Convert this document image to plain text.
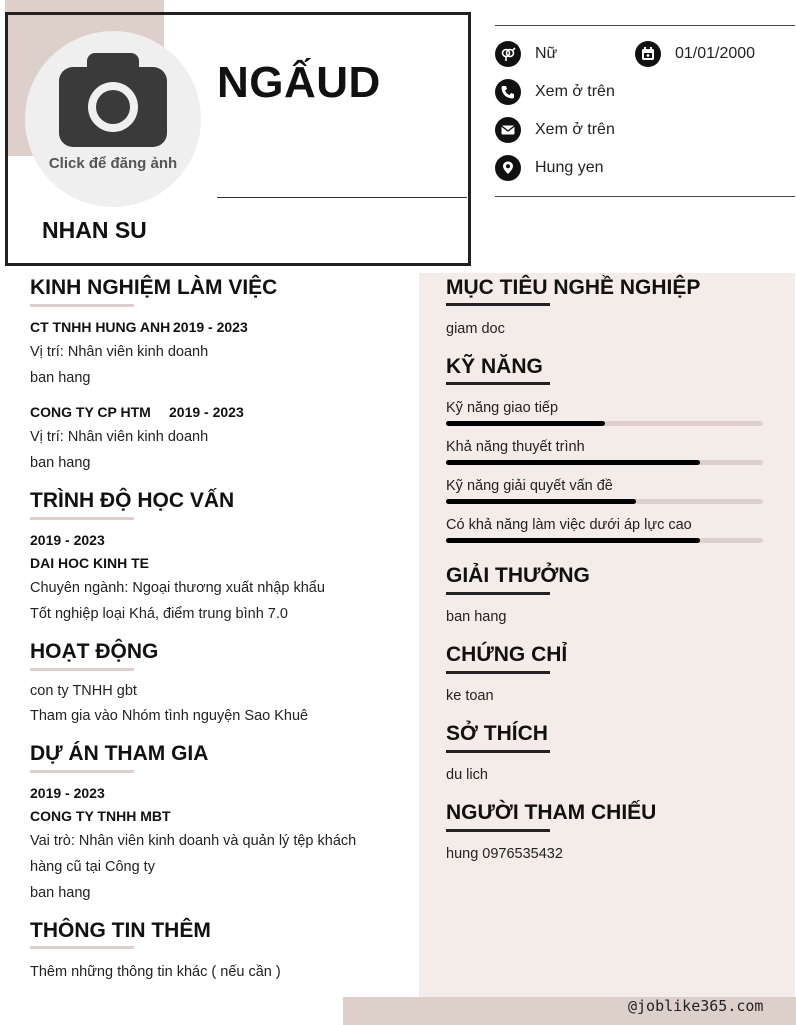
Click để đăng ảnh
NGẤUD
NHAN SU
Nữ	01/01/2000
Xem ở trên
Xem ở trên
Hung yen
KINH NGHIỆM LÀM VIỆC
CT TNHH HUNG ANH 2019 - 2023
Vị trí: Nhân viên kinh doanh
ban hang
CONG TY CP HTM 2019 - 2023
Vị trí: Nhân viên kinh doanh
ban hang
TRÌNH ĐỘ HỌC VẤN
2019 - 2023
DAI HOC KINH TE
Chuyên ngành: Ngoại thương xuất nhập khẩu
Tốt nghiệp loại Khá, điểm trung bình 7.0
HOẠT ĐỘNG
con ty TNHH gbt
Tham gia vào Nhóm tình nguyện Sao Khuê
DỰ ÁN THAM GIA
2019 - 2023
CONG TY TNHH MBT
Vai trò: Nhân viên kinh doanh và quản lý tệp khách
hàng cũ tại Công ty
ban hang
THÔNG TIN THÊM
Thêm những thông tin khác ( nếu cần )
MỤC TIÊU NGHỀ NGHIỆP
giam doc
KỸ NĂNG
Kỹ năng giao tiếp
Khả năng thuyết trình
Kỹ năng giải quyết vấn đề
Có khả năng làm việc dưới áp lực cao
GIẢI THƯỞNG
ban hang
CHỨNG CHỈ
ke toan
SỞ THÍCH
du lich
NGƯỜI THAM CHIẾU
hung 0976535432
@joblike365.com
